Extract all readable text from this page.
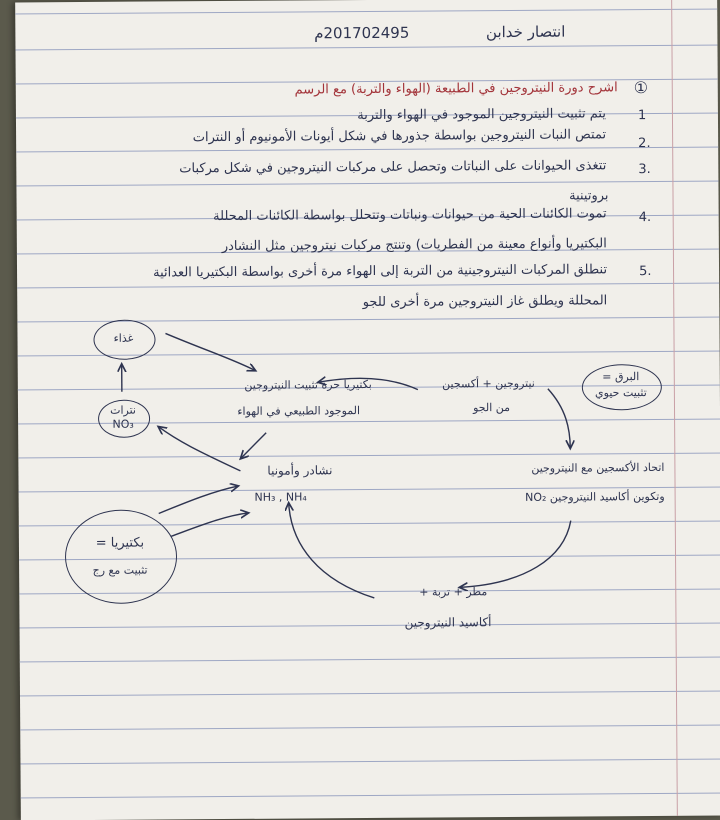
انتصار خدابن
201702495م
①
اشرح دورة النيتروجين في الطبيعة (الهواء والتربة) مع الرسم
1
يتم تثبيت النيتروجين الموجود في الهواء والتربة
2.
تمتص النبات النيتروجين بواسطة جذورها في شكل أيونات الأمونيوم أو النترات
3.
تتغذى الحيوانات على النباتات وتحصل على مركبات النيتروجين في شكل مركبات
بروتينية
4.
تموت الكائنات الحية من حيوانات ونباتات وتتحلل بواسطة الكائنات المحللة
البكتيريا وأنواع معينة من الفطريات) وتنتج مركبات نيتروجين مثل النشادر
5.
تنطلق المركبات النيتروجينية من التربة إلى الهواء مرة أخرى بواسطة البكتيريا العدائية
المحللة ويطلق غاز النيتروجين مرة أخرى للجو
غذاء
نترات
NO₃
بكتيريا حرة تثبيت النيتروجين
الموجود الطبيعي في الهواء
نيتروجين + أكسجين
من الجو
البرق =
تثبيت حيوي
نشادر وأمونيا
NH₃ , NH₄
اتحاد الأكسجين مع النيتروجين
وتكوين أكاسيد النيتروجين NO₂
بكتيريا =
تثبيت مع رج
مطر + تربة +
أكاسيد النيتروجين
